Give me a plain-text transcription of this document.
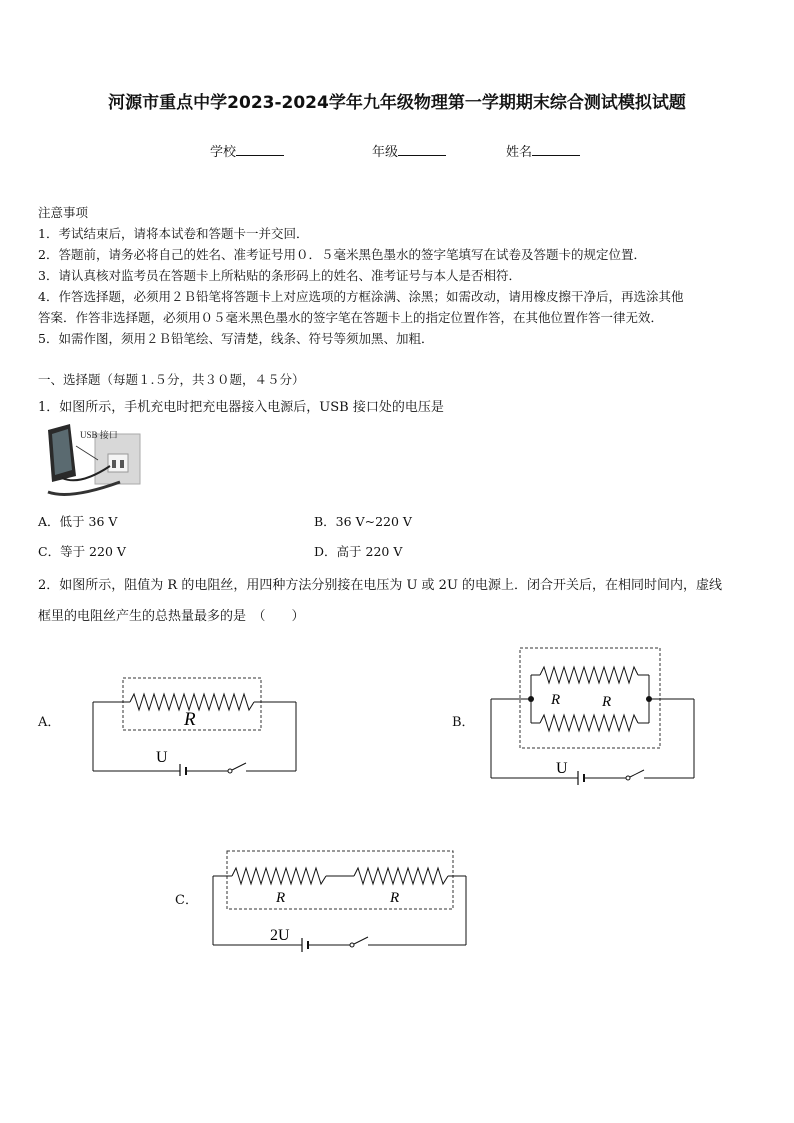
河源市重点中学2023-2024学年九年级物理第一学期期末综合测试模拟试题
学校	年级	姓名
注意事项
1．考试结束后，请将本试卷和答题卡一并交回．
2．答题前，请务必将自己的姓名、准考证号用０．５毫米黑色墨水的签字笔填写在试卷及答题卡的规定位置．
3．请认真核对监考员在答题卡上所粘贴的条形码上的姓名、准考证号与本人是否相符．
4．作答选择题，必须用２Ｂ铅笔将答题卡上对应选项的方框涂满、涂黑；如需改动，请用橡皮擦干净后，再选涂其他
答案．作答非选择题，必须用０５毫米黑色墨水的签字笔在答题卡上的指定位置作答，在其他位置作答一律无效．
5．如需作图，须用２Ｂ铅笔绘、写清楚，线条、符号等须加黑、加粗．
一、选择题（每题１.５分，共３０题，４５分）
1．如图所示，手机充电时把充电器接入电源后，USB 接口处的电压是
USB 接口
A．低于 36 V	B．36 V~220 V
C．等于 220 V	D．高于 220 V
2．如图所示，阻值为 R 的电阻丝，用四种方法分别接在电压为 U 或 2U 的电源上．闭合开关后，在相同时间内，虚线
框里的电阻丝产生的总热量最多的是　（　　）
A．	R
U
B．
R	R
U
C．	R	R
2U
